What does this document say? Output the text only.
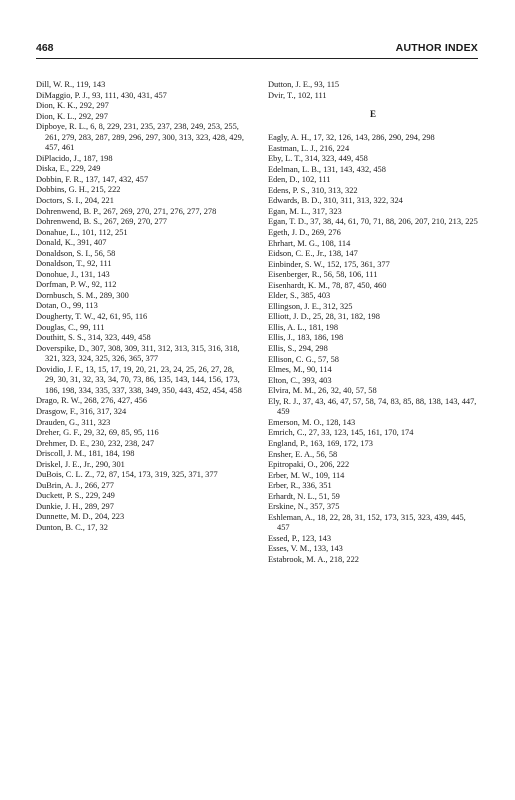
468	AUTHOR INDEX
Dill, W. R., 119, 143
DiMaggio, P. J., 93, 111, 430, 431, 457
Dion, K. K., 292, 297
Dion, K. L., 292, 297
Dipboye, R. L., 6, 8, 229, 231, 235, 237, 238, 249, 253, 255, 261, 279, 283, 287, 289, 296, 297, 300, 313, 323, 428, 429, 457, 461
DiPlacido, J., 187, 198
Diska, E., 229, 249
Dobbin, F. R., 137, 147, 432, 457
Dobbins, G. H., 215, 222
Doctors, S. I., 204, 221
Dohrenwend, B. P., 267, 269, 270, 271, 276, 277, 278
Dohrenwend, B. S., 267, 269, 270, 277
Donahue, L., 101, 112, 251
Donald, K., 391, 407
Donaldson, S. I., 56, 58
Donaldson, T., 92, 111
Donohue, J., 131, 143
Dorfman, P. W., 92, 112
Dornbusch, S. M., 289, 300
Dotan, O., 99, 113
Dougherty, T. W., 42, 61, 95, 116
Douglas, C., 99, 111
Douthitt, S. S., 314, 323, 449, 458
Doverspike, D., 307, 308, 309, 311, 312, 313, 315, 316, 318, 321, 323, 324, 325, 326, 365, 377
Dovidio, J. F., 13, 15, 17, 19, 20, 21, 23, 24, 25, 26, 27, 28, 29, 30, 31, 32, 33, 34, 70, 73, 86, 135, 143, 144, 156, 173, 186, 198, 334, 335, 337, 338, 349, 350, 443, 452, 454, 458
Drago, R. W., 268, 276, 427, 456
Drasgow, F., 316, 317, 324
Drauden, G., 311, 323
Dreher, G. F., 29, 32, 69, 85, 95, 116
Drehmer, D. E., 230, 232, 238, 247
Driscoll, J. M., 181, 184, 198
Driskel, J. E., Jr., 290, 301
DuBois, C. L. Z., 72, 87, 154, 173, 319, 325, 371, 377
DuBrin, A. J., 266, 277
Duckett, P. S., 229, 249
Dunkie, J. H., 289, 297
Dunnette, M. D., 204, 223
Dunton, B. C., 17, 32
Dutton, J. E., 93, 115
Dvir, T., 102, 111
E
Eagly, A. H., 17, 32, 126, 143, 286, 290, 294, 298
Eastman, L. J., 216, 224
Eby, L. T., 314, 323, 449, 458
Edelman, L. B., 131, 143, 432, 458
Eden, D., 102, 111
Edens, P. S., 310, 313, 322
Edwards, B. D., 310, 311, 313, 322, 324
Egan, M. L., 317, 323
Egan, T. D., 37, 38, 44, 61, 70, 71, 88, 206, 207, 210, 213, 225
Egeth, J. D., 269, 276
Ehrhart, M. G., 108, 114
Eidson, C. E., Jr., 138, 147
Einbinder, S. W., 152, 175, 361, 377
Eisenberger, R., 56, 58, 106, 111
Eisenhardt, K. M., 78, 87, 450, 460
Elder, S., 385, 403
Ellingson, J. E., 312, 325
Elliott, J. D., 25, 28, 31, 182, 198
Ellis, A. L., 181, 198
Ellis, J., 183, 186, 198
Ellis, S., 294, 298
Ellison, C. G., 57, 58
Elmes, M., 90, 114
Elton, C., 393, 403
Elvira, M. M., 26, 32, 40, 57, 58
Ely, R. J., 37, 43, 46, 47, 57, 58, 74, 83, 85, 88, 138, 143, 447, 459
Emerson, M. O., 128, 143
Emrich, C., 27, 33, 123, 145, 161, 170, 174
England, P., 163, 169, 172, 173
Ensher, E. A., 56, 58
Epitropaki, O., 206, 222
Erber, M. W., 109, 114
Erber, R., 336, 351
Erhardt, N. L., 51, 59
Erskine, N., 357, 375
Eshleman, A., 18, 22, 28, 31, 152, 173, 315, 323, 439, 445, 457
Essed, P., 123, 143
Esses, V. M., 133, 143
Estabrook, M. A., 218, 222
